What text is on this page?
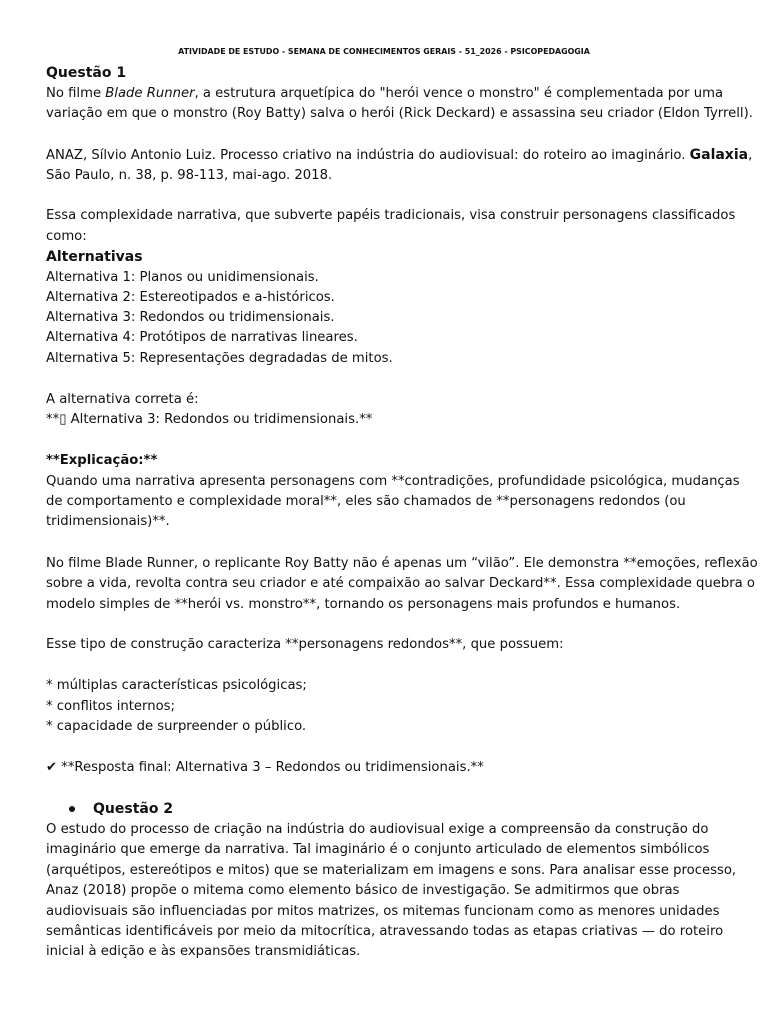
ATIVIDADE DE ESTUDO - SEMANA DE CONHECIMENTOS GERAIS - 51_2026 - PSICOPEDAGOGIA
Questão 1
No filme Blade Runner, a estrutura arquetípica do "herói vence o monstro" é complementada por uma
variação em que o monstro (Roy Batty) salva o herói (Rick Deckard) e assassina seu criador (Eldon Tyrrell).
ANAZ, Sílvio Antonio Luiz. Processo criativo na indústria do audiovisual: do roteiro ao imaginário. Galaxia,
São Paulo, n. 38, p. 98-113, mai-ago. 2018.
Essa complexidade narrativa, que subverte papéis tradicionais, visa construir personagens classificados
como:
Alternativas
Alternativa 1: Planos ou unidimensionais.
Alternativa 2: Estereotipados e a-históricos.
Alternativa 3: Redondos ou tridimensionais.
Alternativa 4: Protótipos de narrativas lineares.
Alternativa 5: Representações degradadas de mitos.
A alternativa correta é:
**▯ Alternativa 3: Redondos ou tridimensionais.**
**Explicação:**
Quando uma narrativa apresenta personagens com **contradições, profundidade psicológica, mudanças
de comportamento e complexidade moral**, eles são chamados de **personagens redondos (ou
tridimensionais)**.
No filme Blade Runner, o replicante Roy Batty não é apenas um “vilão”. Ele demonstra **emoções, reflexão
sobre a vida, revolta contra seu criador e até compaixão ao salvar Deckard**. Essa complexidade quebra o
modelo simples de **herói vs. monstro**, tornando os personagens mais profundos e humanos.
Esse tipo de construção caracteriza **personagens redondos**, que possuem:
* múltiplas características psicológicas;
* conflitos internos;
* capacidade de surpreender o público.
✔ **Resposta final: Alternativa 3 – Redondos ou tridimensionais.**
Questão 2
O estudo do processo de criação na indústria do audiovisual exige a compreensão da construção do
imaginário que emerge da narrativa. Tal imaginário é o conjunto articulado de elementos simbólicos
(arquétipos, estereótipos e mitos) que se materializam em imagens e sons. Para analisar esse processo,
Anaz (2018) propõe o mitema como elemento básico de investigação. Se admitirmos que obras
audiovisuais são influenciadas por mitos matrizes, os mitemas funcionam como as menores unidades
semânticas identificáveis por meio da mitocrítica, atravessando todas as etapas criativas — do roteiro
inicial à edição e às expansões transmidiáticas.
